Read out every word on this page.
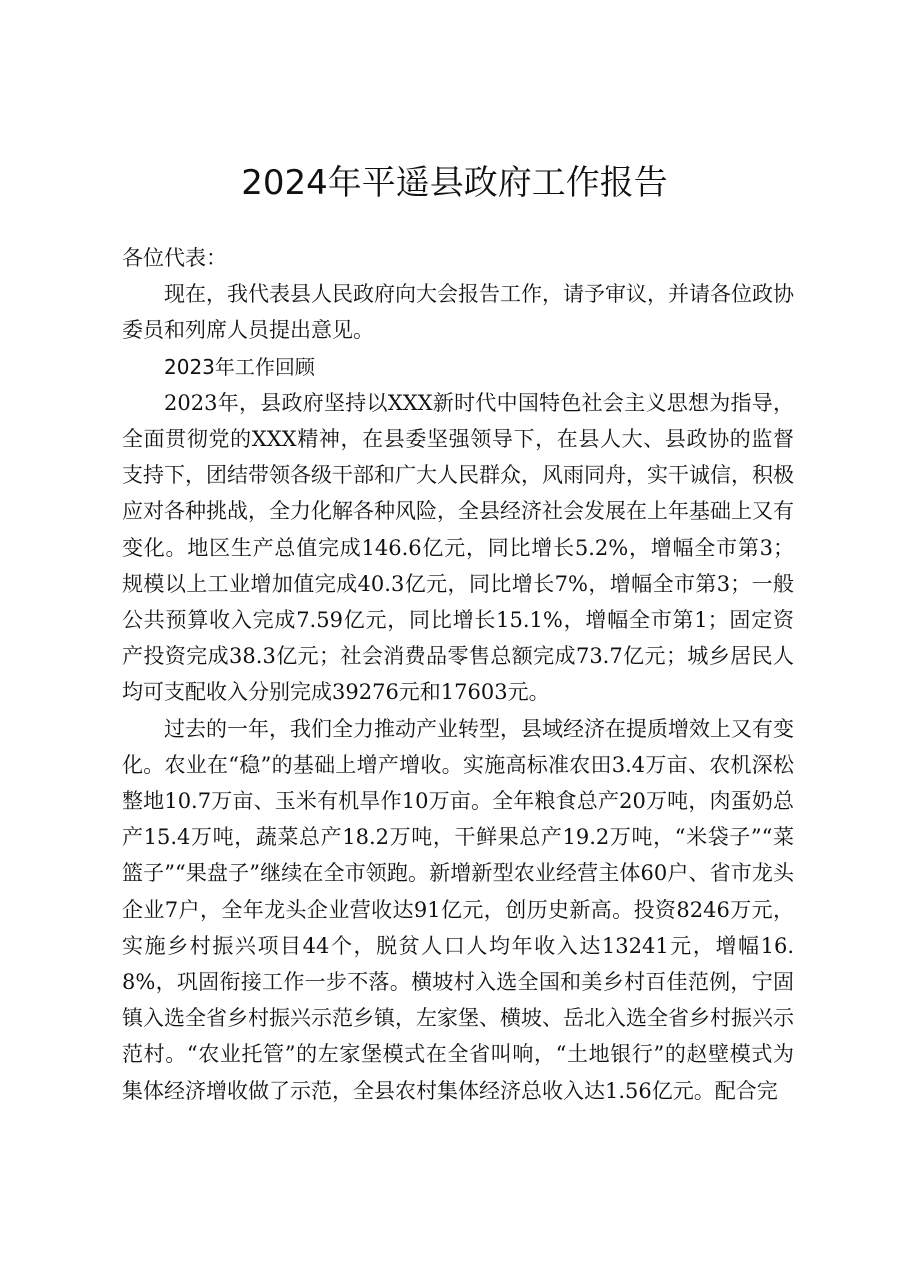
2024年平遥县政府工作报告

各位代表：

现在，我代表县人民政府向大会报告工作，请予审议，并请各位政协委员和列席人员提出意见。

2023年工作回顾

2023年，县政府坚持以XXX新时代中国特色社会主义思想为指导，全面贯彻党的XXX精神，在县委坚强领导下，在县人大、县政协的监督支持下，团结带领各级干部和广大人民群众，风雨同舟，实干诚信，积极应对各种挑战，全力化解各种风险，全县经济社会发展在上年基础上又有变化。地区生产总值完成146.6亿元，同比增长5.2%，增幅全市第3；规模以上工业增加值完成40.3亿元，同比增长7%，增幅全市第3；一般公共预算收入完成7.59亿元，同比增长15.1%，增幅全市第1；固定资产投资完成38.3亿元；社会消费品零售总额完成73.7亿元；城乡居民人均可支配收入分别完成39276元和17603元。

过去的一年，我们全力推动产业转型，县域经济在提质增效上又有变化。农业在“稳”的基础上增产增收。实施高标准农田3.4万亩、农机深松整地10.7万亩、玉米有机旱作10万亩。全年粮食总产20万吨，肉蛋奶总产15.4万吨，蔬菜总产18.2万吨，干鲜果总产19.2万吨，“米袋子”“菜篮子”“果盘子”继续在全市领跑。新增新型农业经营主体60户、省市龙头企业7户，全年龙头企业营收达91亿元，创历史新高。投资8246万元，实施乡村振兴项目44个，脱贫人口人均年收入达13241元，增幅16.8%，巩固衔接工作一步不落。横坡村入选全国和美乡村百佳范例，宁固镇入选全省乡村振兴示范乡镇，左家堡、横坡、岳北入选全省乡村振兴示范村。“农业托管”的左家堡模式在全省叫响，“土地银行”的赵壁模式为集体经济增收做了示范，全县农村集体经济总收入达1.56亿元。配合完
